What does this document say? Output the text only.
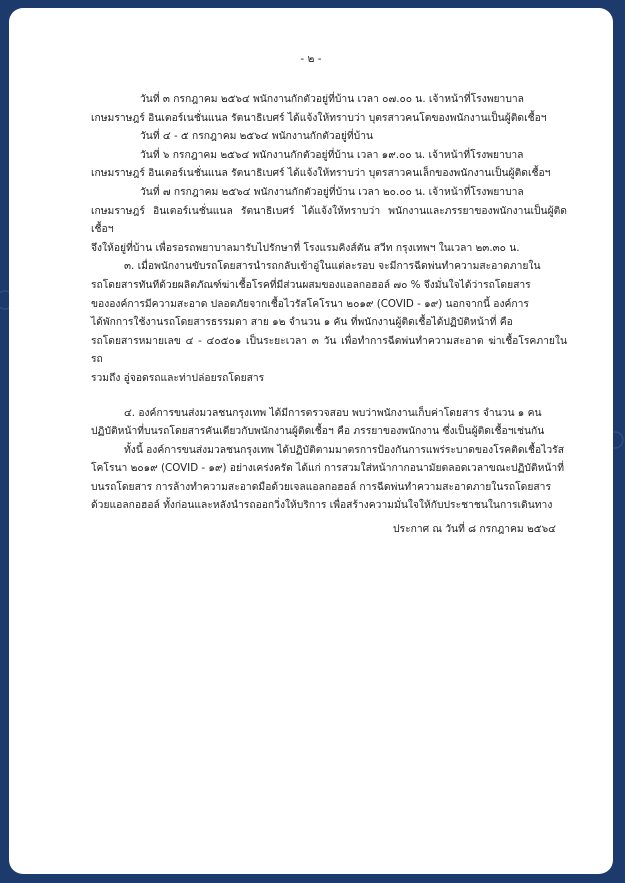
- ๒ -

วันที่ ๓ กรกฎาคม ๒๕๖๔ พนักงานกักตัวอยู่ที่บ้าน เวลา ๐๗.๐๐ น. เจ้าหน้าที่โรงพยาบาล

เกษมราษฎร์ อินเตอร์เนชั่นแนล รัตนาธิเบศร์ ได้แจ้งให้ทราบว่า บุตรสาวคนโตของพนักงานเป็นผู้ติดเชื้อฯ

วันที่ ๔ - ๕ กรกฎาคม ๒๕๖๔ พนักงานกักตัวอยู่ที่บ้าน

วันที่ ๖ กรกฎาคม ๒๕๖๔ พนักงานกักตัวอยู่ที่บ้าน เวลา ๑๙.๐๐ น. เจ้าหน้าที่โรงพยาบาล

เกษมราษฎร์ อินเตอร์เนชั่นแนล รัตนาธิเบศร์ ได้แจ้งให้ทราบว่า บุตรสาวคนเล็กของพนักงานเป็นผู้ติดเชื้อฯ

วันที่ ๗ กรกฎาคม ๒๕๖๔ พนักงานกักตัวอยู่ที่บ้าน เวลา ๒๐.๐๐ น. เจ้าหน้าที่โรงพยาบาล

เกษมราษฎร์ อินเตอร์เนชั่นแนล รัตนาธิเบศร์ ได้แจ้งให้ทราบว่า พนักงานและภรรยาของพนักงานเป็นผู้ติดเชื้อฯ

จึงให้อยู่ที่บ้าน เพื่อรอรถพยาบาลมารับไปรักษาที่ โรงแรมคิงส์ตัน สวีท กรุงเทพฯ ในเวลา ๒๓.๓๐ น.

๓. เมื่อพนักงานขับรถโดยสารนำรถกลับเข้าอู่ในแต่ละรอบ จะมีการฉีดพ่นทำความสะอาดภายใน

รถโดยสารทันทีด้วยผลิตภัณฑ์ฆ่าเชื้อโรคที่มีส่วนผสมของแอลกอฮอล์ ๗๐ % จึงมั่นใจได้ว่ารถโดยสาร

ขององค์การมีความสะอาด ปลอดภัยจากเชื้อไวรัสโคโรนา ๒๐๑๙ (COVID - ๑๙) นอกจากนี้ องค์การ

ได้พักการใช้งานรถโดยสารธรรมดา สาย ๑๒ จำนวน ๑ คัน ที่พนักงานผู้ติดเชื้อได้ปฏิบัติหน้าที่ คือ

รถโดยสารหมายเลข ๔ - ๔๐๕๐๑ เป็นระยะเวลา ๓ วัน เพื่อทำการฉีดพ่นทำความสะอาด ฆ่าเชื้อโรคภายในรถ

รวมถึง อู่จอดรถและท่าปล่อยรถโดยสาร

๔. องค์การขนส่งมวลชนกรุงเทพ ได้มีการตรวจสอบ พบว่าพนักงานเก็บค่าโดยสาร จำนวน ๑ คน

ปฏิบัติหน้าที่บนรถโดยสารคันเดียวกับพนักงานผู้ติดเชื้อฯ คือ ภรรยาของพนักงาน ซึ่งเป็นผู้ติดเชื้อฯเช่นกัน

ทั้งนี้ องค์การขนส่งมวลชนกรุงเทพ ได้ปฏิบัติตามมาตรการป้องกันการแพร่ระบาดของโรคติดเชื้อไวรัส

โคโรนา ๒๐๑๙ (COVID - ๑๙) อย่างเคร่งครัด ได้แก่ การสวมใส่หน้ากากอนามัยตลอดเวลาขณะปฏิบัติหน้าที่

บนรถโดยสาร การล้างทำความสะอาดมือด้วยเจลแอลกอฮอล์ การฉีดพ่นทำความสะอาดภายในรถโดยสาร

ด้วยแอลกอฮอล์ ทั้งก่อนและหลังนำรถออกวิ่งให้บริการ เพื่อสร้างความมั่นใจให้กับประชาชนในการเดินทาง

ประกาศ ณ วันที่ ๘ กรกฎาคม ๒๕๖๔
